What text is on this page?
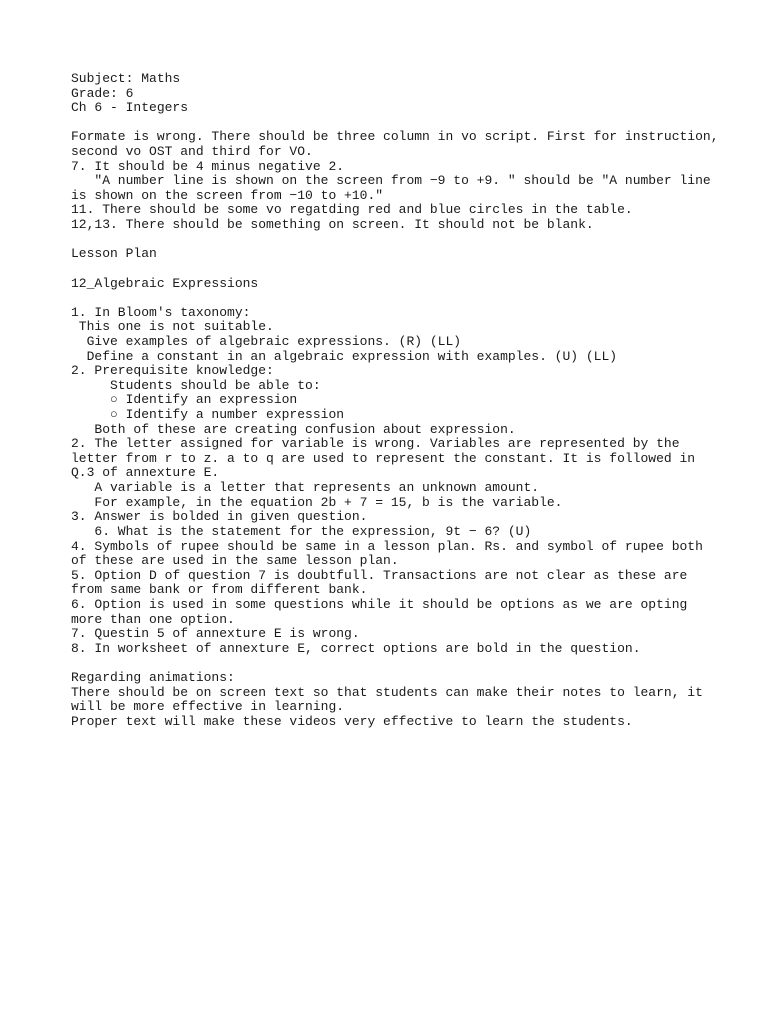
Subject: Maths
Grade: 6
Ch 6 - Integers
Formate is wrong. There should be three column in vo script. First for instruction,
second vo OST and third for VO.
7. It should be 4 minus negative 2.
"A number line is shown on the screen from −9 to +9. " should be "A number line
is shown on the screen from −10 to +10."
11. There should be some vo regatding red and blue circles in the table.
12,13. There should be something on screen. It should not be blank.
Lesson Plan
12_Algebraic Expressions
1. In Bloom's taxonomy:
This one is not suitable.
Give examples of algebraic expressions. (R) (LL)
Define a constant in an algebraic expression with examples. (U) (LL)
2. Prerequisite knowledge:
Students should be able to:
○ Identify an expression
○ Identify a number expression
Both of these are creating confusion about expression.
2. The letter assigned for variable is wrong. Variables are represented by the
letter from r to z. a to q are used to represent the constant. It is followed in
Q.3 of annexture E.
A variable is a letter that represents an unknown amount.
For example, in the equation 2b + 7 = 15, b is the variable.
3. Answer is bolded in given question.
6. What is the statement for the expression, 9t − 6? (U)
4. Symbols of rupee should be same in a lesson plan. Rs. and symbol of rupee both
of these are used in the same lesson plan.
5. Option D of question 7 is doubtfull. Transactions are not clear as these are
from same bank or from different bank.
6. Option is used in some questions while it should be options as we are opting
more than one option.
7. Questin 5 of annexture E is wrong.
8. In worksheet of annexture E, correct options are bold in the question.
Regarding animations:
There should be on screen text so that students can make their notes to learn, it
will be more effective in learning.
Proper text will make these videos very effective to learn the students.
